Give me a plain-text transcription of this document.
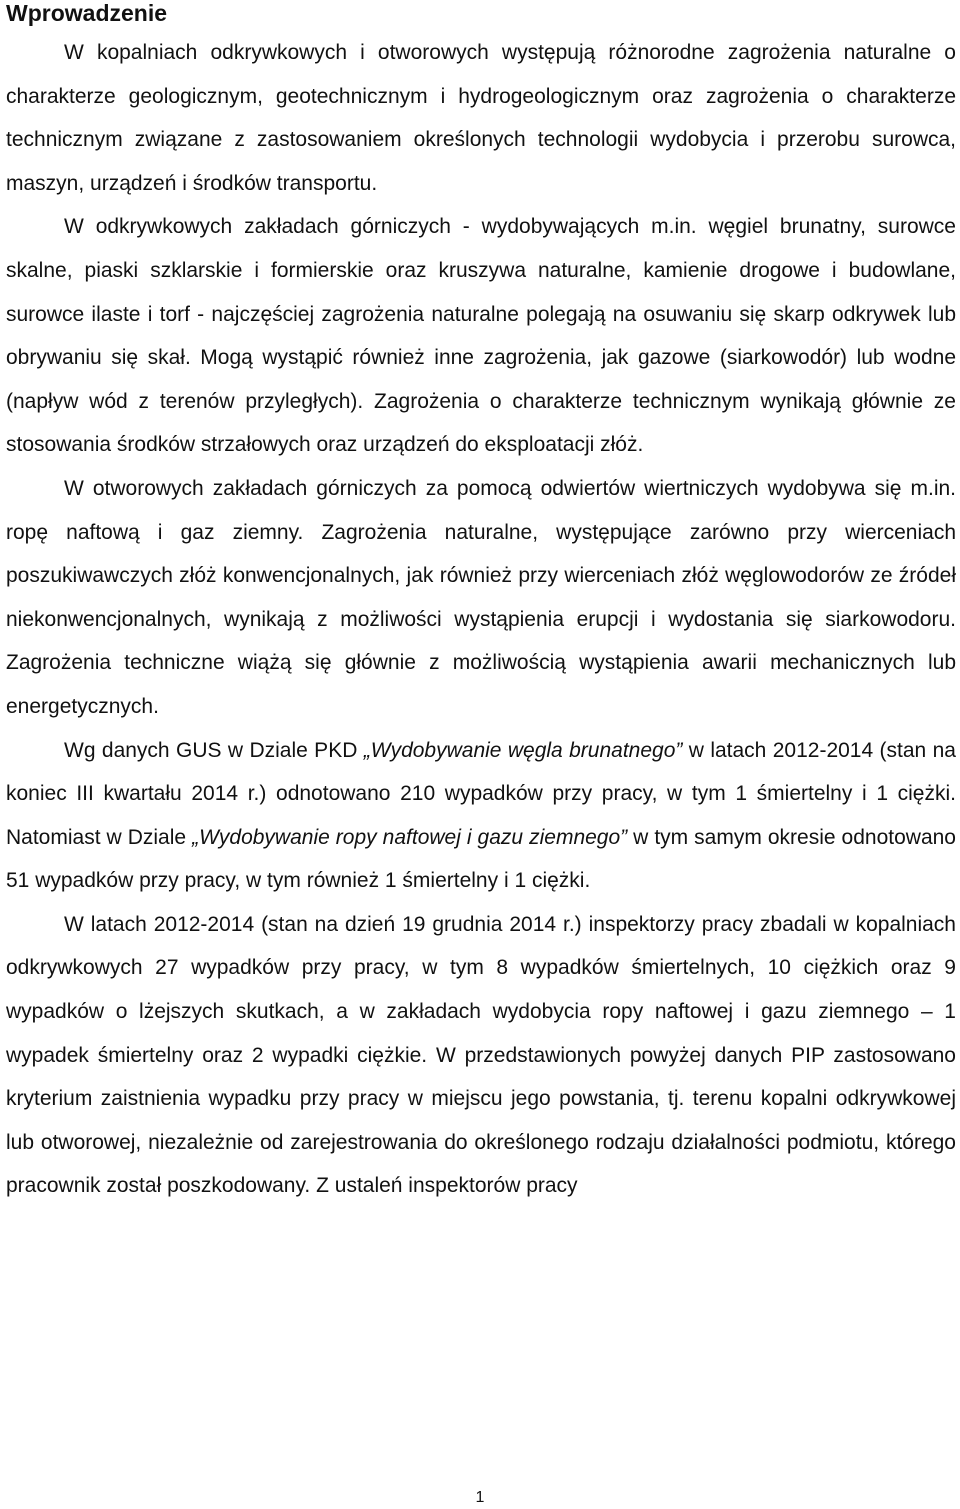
Wprowadzenie

W kopalniach odkrywkowych i otworowych występują różnorodne zagrożenia naturalne o charakterze geologicznym, geotechnicznym i hydrogeologicznym oraz zagrożenia o charakterze technicznym związane z zastosowaniem określonych technologii wydobycia i przerobu surowca, maszyn, urządzeń i środków transportu.

W odkrywkowych zakładach górniczych - wydobywających m.in. węgiel brunatny, surowce skalne, piaski szklarskie i formierskie oraz kruszywa naturalne, kamienie drogowe i budowlane, surowce ilaste i torf - najczęściej zagrożenia naturalne polegają na osuwaniu się skarp odkrywek lub obrywaniu się skał. Mogą wystąpić również inne zagrożenia, jak gazowe (siarkowodór) lub wodne (napływ wód z terenów przyległych). Zagrożenia o charakterze technicznym wynikają głównie ze stosowania środków strzałowych oraz urządzeń do eksploatacji złóż.

W otworowych zakładach górniczych za pomocą odwiertów wiertniczych wydobywa się m.in. ropę naftową i gaz ziemny. Zagrożenia naturalne, występujące zarówno przy wierceniach poszukiwawczych złóż konwencjonalnych, jak również przy wierceniach złóż węglowodorów ze źródeł niekonwencjonalnych, wynikają z możliwości wystąpienia erupcji i wydostania się siarkowodoru. Zagrożenia techniczne wiążą się głównie z możliwością wystąpienia awarii mechanicznych lub energetycznych.

Wg danych GUS w Dziale PKD „Wydobywanie węgla brunatnego” w latach 2012-2014 (stan na koniec III kwartału 2014 r.) odnotowano 210 wypadków przy pracy, w tym 1 śmiertelny i 1 ciężki. Natomiast w Dziale „Wydobywanie ropy naftowej i gazu ziemnego” w tym samym okresie odnotowano 51 wypadków przy pracy, w tym również 1 śmiertelny i 1 ciężki.

W latach 2012-2014 (stan na dzień 19 grudnia 2014 r.) inspektorzy pracy zbadali w kopalniach odkrywkowych 27 wypadków przy pracy, w tym 8 wypadków śmiertelnych, 10 ciężkich oraz 9 wypadków o lżejszych skutkach, a w zakładach wydobycia ropy naftowej i gazu ziemnego – 1 wypadek śmiertelny oraz 2 wypadki ciężkie. W przedstawionych powyżej danych PIP zastosowano kryterium zaistnienia wypadku przy pracy w miejscu jego powstania, tj. terenu kopalni odkrywkowej lub otworowej, niezależnie od zarejestrowania do określonego rodzaju działalności podmiotu, którego pracownik został poszkodowany. Z ustaleń inspektorów pracy

1
